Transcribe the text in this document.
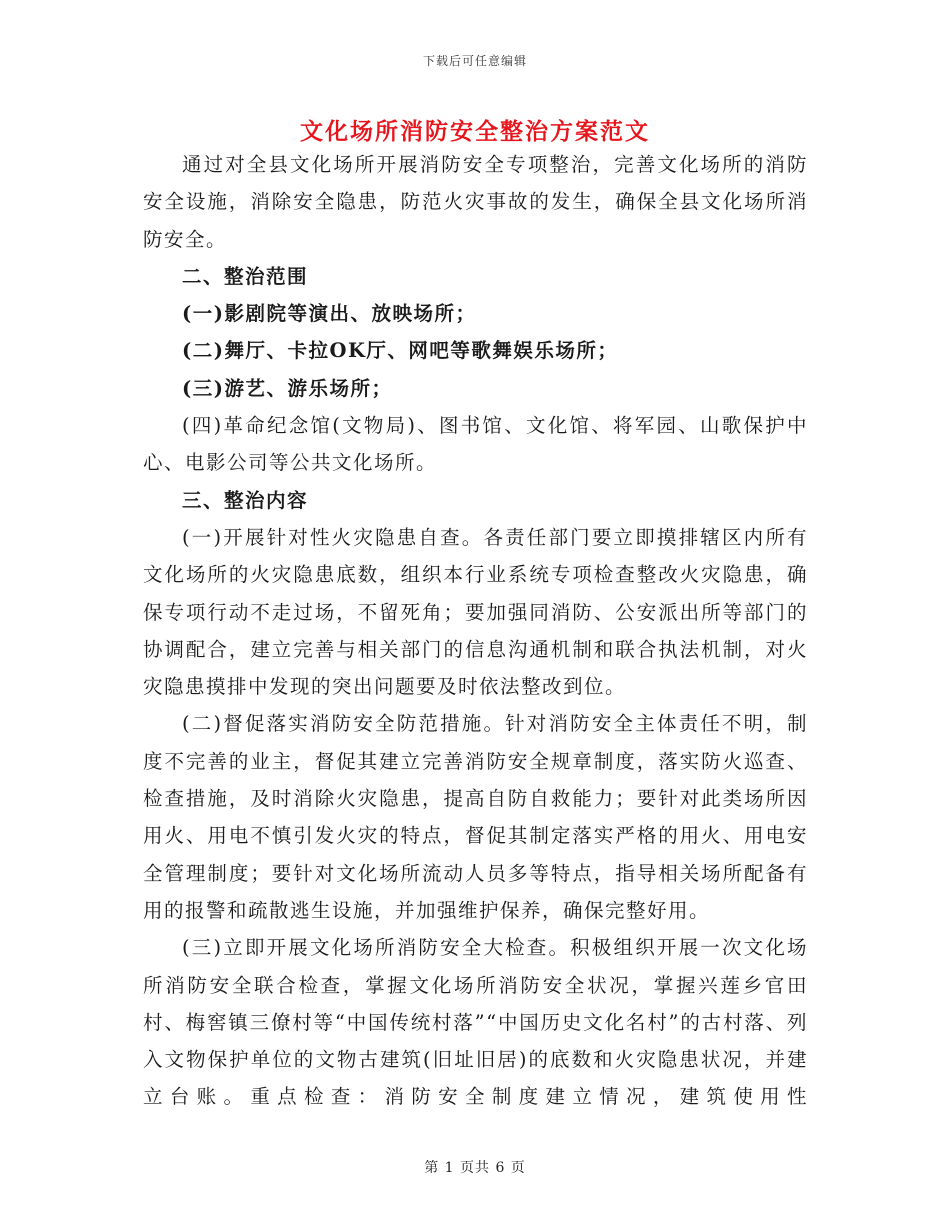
下载后可任意编辑
文化场所消防安全整治方案范文

通过对全县文化场所开展消防安全专项整治，完善文化场所的消防安全设施，消除安全隐患，防范火灾事故的发生，确保全县文化场所消防安全。

二、整治范围

(一)影剧院等演出、放映场所；

(二)舞厅、卡拉OK厅、网吧等歌舞娱乐场所；

(三)游艺、游乐场所；

(四)革命纪念馆(文物局)、图书馆、文化馆、将军园、山歌保护中心、电影公司等公共文化场所。

三、整治内容

(一)开展针对性火灾隐患自查。各责任部门要立即摸排辖区内所有文化场所的火灾隐患底数，组织本行业系统专项检查整改火灾隐患，确保专项行动不走过场，不留死角；要加强同消防、公安派出所等部门的协调配合，建立完善与相关部门的信息沟通机制和联合执法机制，对火灾隐患摸排中发现的突出问题要及时依法整改到位。

(二)督促落实消防安全防范措施。针对消防安全主体责任不明，制度不完善的业主，督促其建立完善消防安全规章制度，落实防火巡查、检查措施，及时消除火灾隐患，提高自防自救能力；要针对此类场所因用火、用电不慎引发火灾的特点，督促其制定落实严格的用火、用电安全管理制度；要针对文化场所流动人员多等特点，指导相关场所配备有用的报警和疏散逃生设施，并加强维护保养，确保完整好用。

(三)立即开展文化场所消防安全大检查。积极组织开展一次文化场所消防安全联合检查，掌握文化场所消防安全状况，掌握兴莲乡官田村、梅窖镇三僚村等“中国传统村落”“中国历史文化名村”的古村落、列入文物保护单位的文物古建筑(旧址旧居)的底数和火灾隐患状况，并建立台账。重点检查：消防安全制度建立情况，建筑使用性

第 1 页共 6 页
